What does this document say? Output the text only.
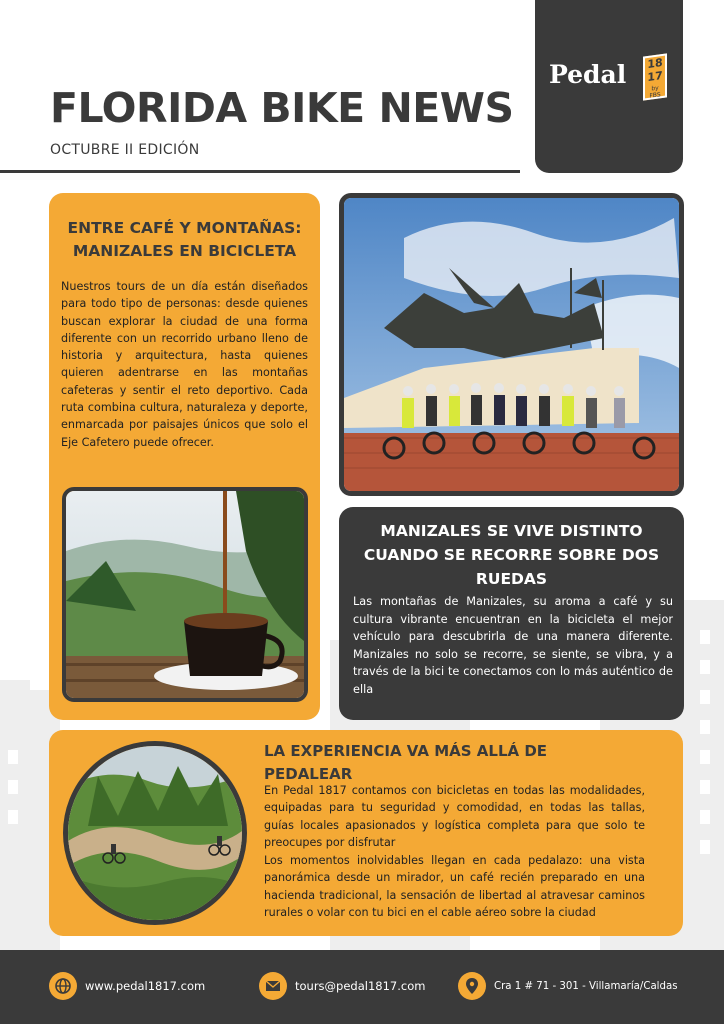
FLORIDA BIKE NEWS
OCTUBRE II EDICIÓN
Pedal 18
17
by FBS
ENTRE CAFÉ Y MONTAÑAS: MANIZALES EN BICICLETA

Nuestros tours de un día están diseñados para todo tipo de personas: desde quienes buscan explorar la ciudad de una forma diferente con un recorrido urbano lleno de historia y arquitectura, hasta quienes quieren adentrarse en las montañas cafeteras y sentir el reto deportivo. Cada ruta combina cultura, naturaleza y deporte, enmarcada por paisajes únicos que solo el Eje Cafetero puede ofrecer.

MANIZALES SE VIVE DISTINTO CUANDO SE RECORRE SOBRE DOS RUEDAS

Las montañas de Manizales, su aroma a café y su cultura vibrante encuentran en la bicicleta el mejor vehículo para descubrirla de una manera diferente. Manizales no solo se recorre, se siente, se vibra, y a través de la bici te conectamos con lo más auténtico de ella

LA EXPERIENCIA VA MÁS ALLÁ DE PEDALEAR

En Pedal 1817 contamos con bicicletas en todas las modalidades, equipadas para tu seguridad y comodidad, en todas las tallas, guías locales apasionados y logística completa para que solo te preocupes por disfrutar

Los momentos inolvidables llegan en cada pedalazo: una vista panorámica desde un mirador, un café recién preparado en una hacienda tradicional, la sensación de libertad al atravesar caminos rurales o volar con tu bici en el cable aéreo sobre la ciudad

www.pedal1817.com	tours@pedal1817.com	Cra 1 # 71 - 301 - Villamaría/Caldas
